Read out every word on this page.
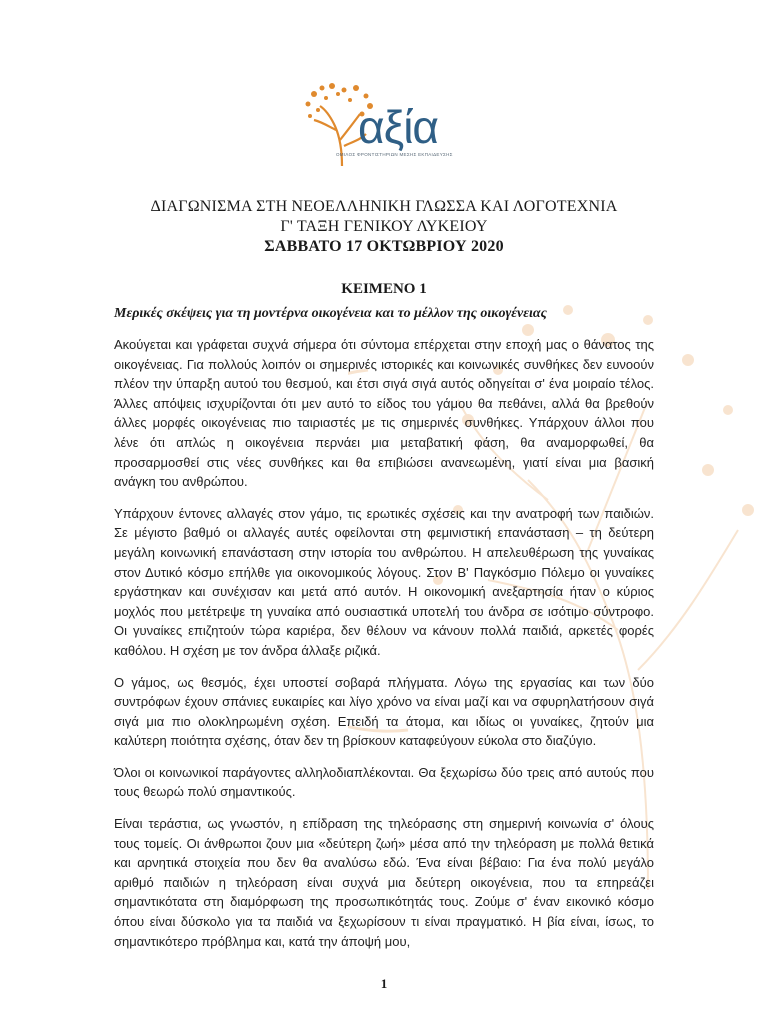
αξία
ΟΜΙΛΟΣ ΦΡΟΝΤΙΣΤΗΡΙΩΝ ΜΕΣΗΣ ΕΚΠΑΙΔΕΥΣΗΣ
ΔΙΑΓΩΝΙΣΜΑ ΣΤΗ ΝΕΟΕΛΛΗΝΙΚΗ ΓΛΩΣΣΑ ΚΑΙ ΛΟΓΟΤΕΧΝΙΑ
Γ' ΤΑΞΗ ΓΕΝΙΚΟΥ ΛΥΚΕΙΟΥ
ΣΑΒΒΑΤΟ 17 ΟΚΤΩΒΡΙΟΥ 2020
ΚΕΙΜΕΝΟ 1
Μερικές σκέψεις για τη μοντέρνα οικογένεια και το μέλλον της οικογένειας

Ακούγεται και γράφεται συχνά σήμερα ότι σύντομα επέρχεται στην εποχή μας ο θάνατος της οικογένειας. Για πολλούς λοιπόν οι σημερινές ιστορικές και κοινωνικές συνθήκες δεν ευνοούν πλέον την ύπαρξη αυτού του θεσμού, και έτσι σιγά σιγά αυτός οδηγείται σ' ένα μοιραίο τέλος. Άλλες απόψεις ισχυρίζονται ότι μεν αυτό το είδος του γάμου θα πεθάνει, αλλά θα βρεθούν άλλες μορφές οικογένειας πιο ταιριαστές με τις σημερινές συνθήκες. Υπάρχουν άλλοι που λένε ότι απλώς η οικογένεια περνάει μια μεταβατική φάση, θα αναμορφωθεί, θα προσαρμοσθεί στις νέες συνθήκες και θα επιβιώσει ανανεωμένη, γιατί είναι μια βασική ανάγκη του ανθρώπου.

Υπάρχουν έντονες αλλαγές στον γάμο, τις ερωτικές σχέσεις και την ανατροφή των παιδιών. Σε μέγιστο βαθμό οι αλλαγές αυτές οφείλονται στη φεμινιστική επανάσταση – τη δεύτερη μεγάλη κοινωνική επανάσταση στην ιστορία του ανθρώπου. Η απελευθέρωση της γυναίκας στον Δυτικό κόσμο επήλθε για οικονομικούς λόγους. Στον Β' Παγκόσμιο Πόλεμο οι γυναίκες εργάστηκαν και συνέχισαν και μετά από αυτόν. Η οικονομική ανεξαρτησία ήταν ο κύριος μοχλός που μετέτρεψε τη γυναίκα από ουσιαστικά υποτελή του άνδρα σε ισότιμο σύντροφο. Οι γυναίκες επιζητούν τώρα καριέρα, δεν θέλουν να κάνουν πολλά παιδιά, αρκετές φορές καθόλου. Η σχέση με τον άνδρα άλλαξε ριζικά.

Ο γάμος, ως θεσμός, έχει υποστεί σοβαρά πλήγματα. Λόγω της εργασίας και των δύο συντρόφων έχουν σπάνιες ευκαιρίες και λίγο χρόνο να είναι μαζί και να σφυρηλατήσουν σιγά σιγά μια πιο ολοκληρωμένη σχέση. Επειδή τα άτομα, και ιδίως οι γυναίκες, ζητούν μια καλύτερη ποιότητα σχέσης, όταν δεν τη βρίσκουν καταφεύγουν εύκολα στο διαζύγιο.

Όλοι οι κοινωνικοί παράγοντες αλληλοδιαπλέκονται. Θα ξεχωρίσω δύο τρεις από αυτούς που τους θεωρώ πολύ σημαντικούς.

Είναι τεράστια, ως γνωστόν, η επίδραση της τηλεόρασης στη σημερινή κοινωνία σ' όλους τους τομείς. Οι άνθρωποι ζουν μια «δεύτερη ζωή» μέσα από την τηλεόραση με πολλά θετικά και αρνητικά στοιχεία που δεν θα αναλύσω εδώ. Ένα είναι βέβαιο: Για ένα πολύ μεγάλο αριθμό παιδιών η τηλεόραση είναι συχνά μια δεύτερη οικογένεια, που τα επηρεάζει σημαντικότατα στη διαμόρφωση της προσωπικότητάς τους. Ζούμε σ' έναν εικονικό κόσμο όπου είναι δύσκολο για τα παιδιά να ξεχωρίσουν τι είναι πραγματικό. Η βία είναι, ίσως, το σημαντικότερο πρόβλημα και, κατά την άποψή μου,

1
